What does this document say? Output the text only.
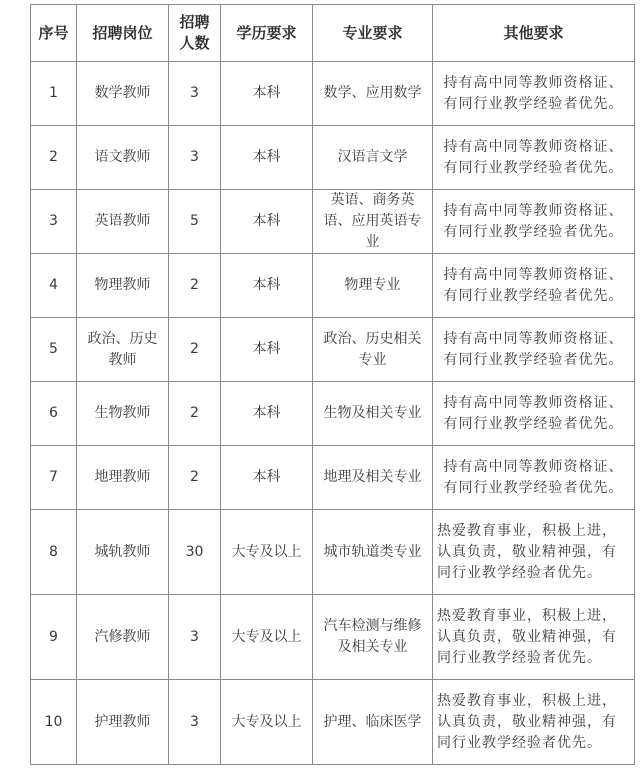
序号	招聘岗位	招聘人数	学历要求	专业要求	其他要求
1	数学教师	3	本科	数学、应用数学	持有高中同等教师资格证、有同行业教学经验者优先。
2	语文教师	3	本科	汉语言文学	持有高中同等教师资格证、有同行业教学经验者优先。
3	英语教师	5	本科	英语、商务英语、应用英语专业	持有高中同等教师资格证、有同行业教学经验者优先。
4	物理教师	2	本科	物理专业	持有高中同等教师资格证、有同行业教学经验者优先。
5	政治、历史教师	2	本科	政治、历史相关专业	持有高中同等教师资格证、有同行业教学经验者优先。
6	生物教师	2	本科	生物及相关专业	持有高中同等教师资格证、有同行业教学经验者优先。
7	地理教师	2	本科	地理及相关专业	持有高中同等教师资格证、有同行业教学经验者优先。
8	城轨教师	30	大专及以上	城市轨道类专业	热爱教育事业，积极上进，认真负责，敬业精神强，有同行业教学经验者优先。
9	汽修教师	3	大专及以上	汽车检测与维修及相关专业	热爱教育事业，积极上进，认真负责，敬业精神强，有同行业教学经验者优先。
10	护理教师	3	大专及以上	护理、临床医学	热爱教育事业，积极上进，认真负责，敬业精神强，有同行业教学经验者优先。
